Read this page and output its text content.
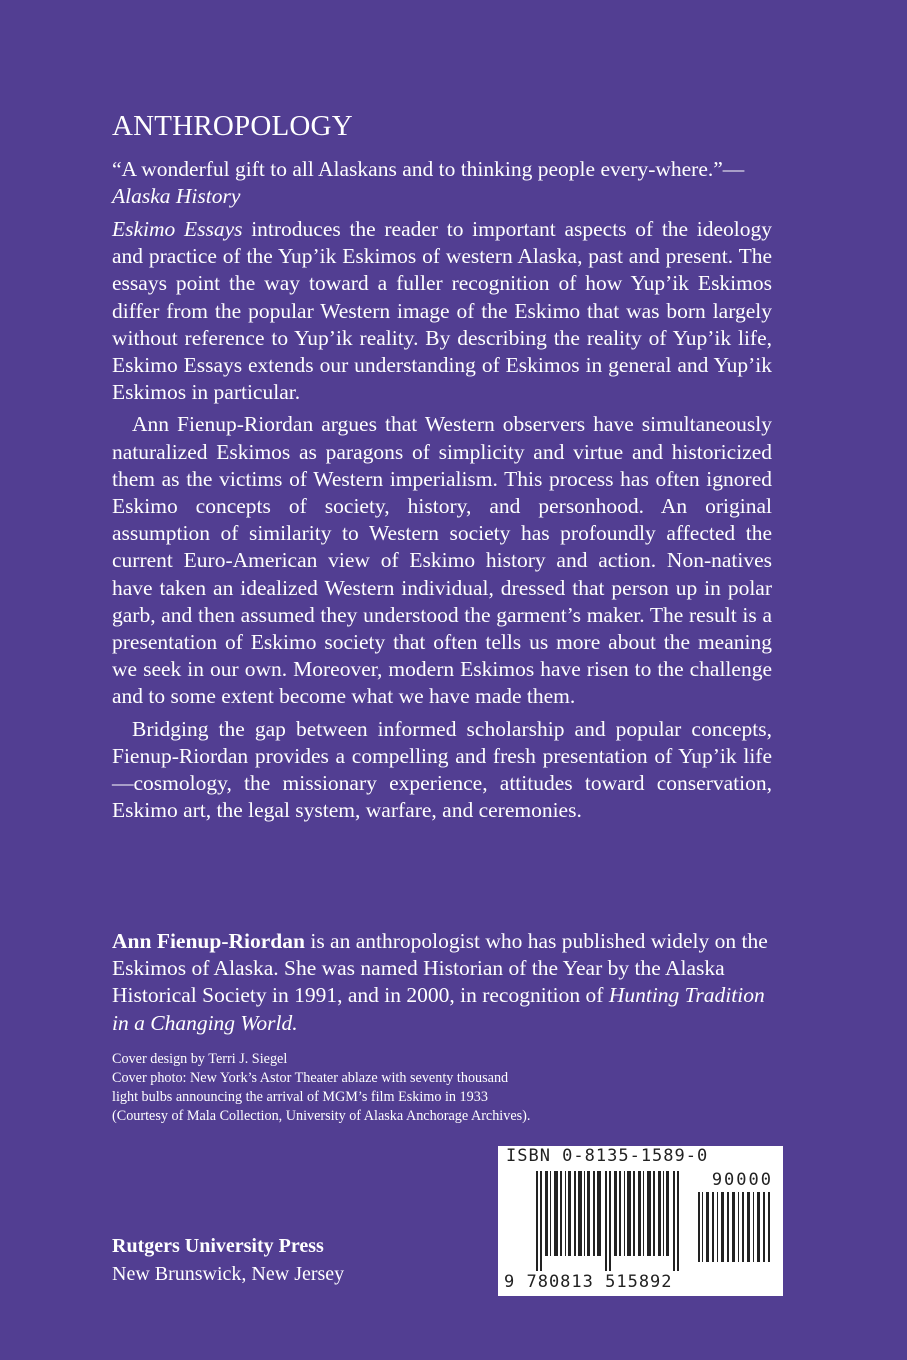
ANTHROPOLOGY
“A wonderful gift to all Alaskans and to thinking people every-where.”—Alaska History

Eskimo Essays introduces the reader to important aspects of the ideology and practice of the Yup’ik Eskimos of western Alaska, past and present. The essays point the way toward a fuller recognition of how Yup’ik Eskimos differ from the popular Western image of the Eskimo that was born largely without reference to Yup’ik reality. By describing the reality of Yup’ik life, Eskimo Essays extends our understanding of Eskimos in general and Yup’ik Eskimos in particular.

Ann Fienup-Riordan argues that Western observers have simultaneously naturalized Eskimos as paragons of simplicity and virtue and historicized them as the victims of Western imperialism. This process has often ignored Eskimo concepts of society, history, and personhood. An original assumption of similarity to Western society has profoundly affected the current Euro-American view of Eskimo history and action. Non-natives have taken an idealized Western individual, dressed that person up in polar garb, and then assumed they understood the garment’s maker. The result is a presentation of Eskimo society that often tells us more about the meaning we seek in our own. Moreover, modern Eskimos have risen to the challenge and to some extent become what we have made them.

Bridging the gap between informed scholarship and popular concepts, Fienup-Riordan provides a compelling and fresh presentation of Yup’ik life—cosmology, the missionary experience, attitudes toward conservation, Eskimo art, the legal system, warfare, and ceremonies.

Ann Fienup-Riordan is an anthropologist who has published widely on the Eskimos of Alaska. She was named Historian of the Year by the Alaska Historical Society in 1991, and in 2000, in recognition of Hunting Tradition in a Changing World.
Cover design by Terri J. Siegel
Cover photo: New York’s Astor Theater ablaze with seventy thousand
light bulbs announcing the arrival of MGM’s film Eskimo in 1933
(Courtesy of Mala Collection, University of Alaska Anchorage Archives).
Rutgers University Press
New Brunswick, New Jersey
ISBN 0-8135-1589-0
90000
9 780813 515892
